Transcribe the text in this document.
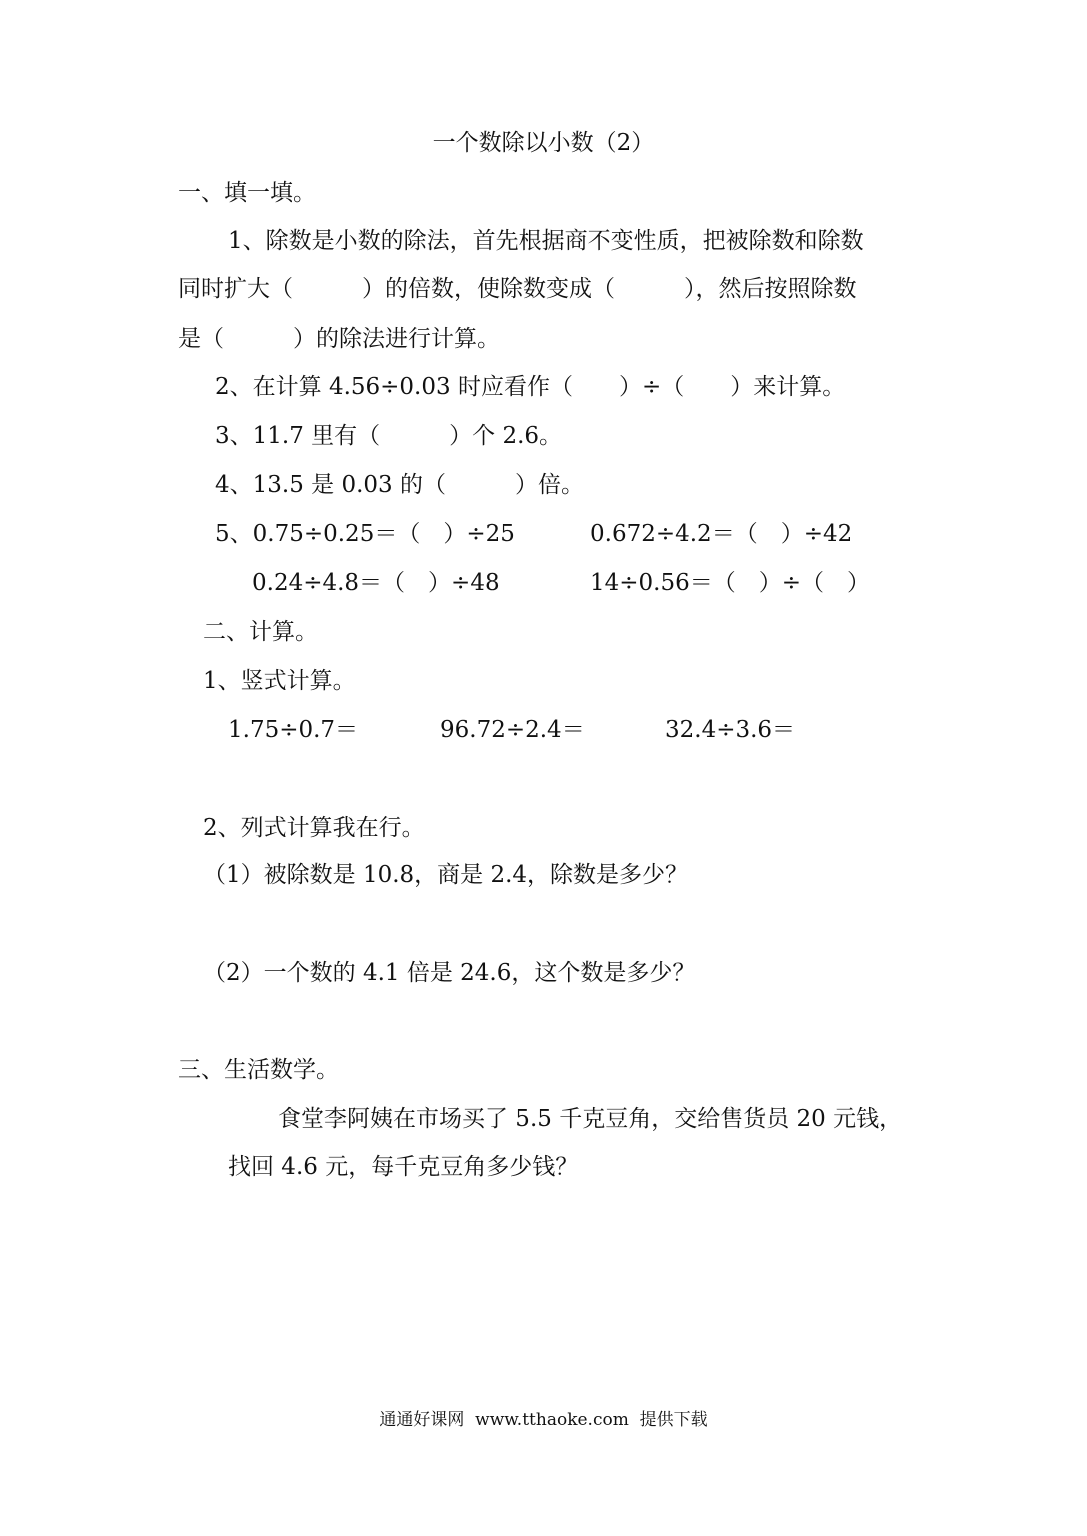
一个数除以小数（2）
一、填一填。
1、除数是小数的除法，首先根据商不变性质，把被除数和除数
同时扩大（　　　）的倍数，使除数变成（　　　），然后按照除数
是（　　　）的除法进行计算。
2、在计算 4.56÷0.03 时应看作（　　）÷（　　）来计算。
3、11.7 里有（　　　）个 2.6。
4、13.5 是 0.03 的（　　　）倍。
5、0.75÷0.25＝（　）÷25	0.672÷4.2＝（　）÷42
0.24÷4.8＝（　）÷48	14÷0.56＝（　）÷（　）
二、计算。
1、竖式计算。
1.75÷0.7＝	96.72÷2.4＝	32.4÷3.6＝
2、列式计算我在行。
（1）被除数是 10.8，商是 2.4，除数是多少？
（2）一个数的 4.1 倍是 24.6，这个数是多少？
三、生活数学。
食堂李阿姨在市场买了 5.5 千克豆角，交给售货员 20 元钱，
找回 4.6 元，每千克豆角多少钱？
通通好课网  www.tthaoke.com  提供下载
